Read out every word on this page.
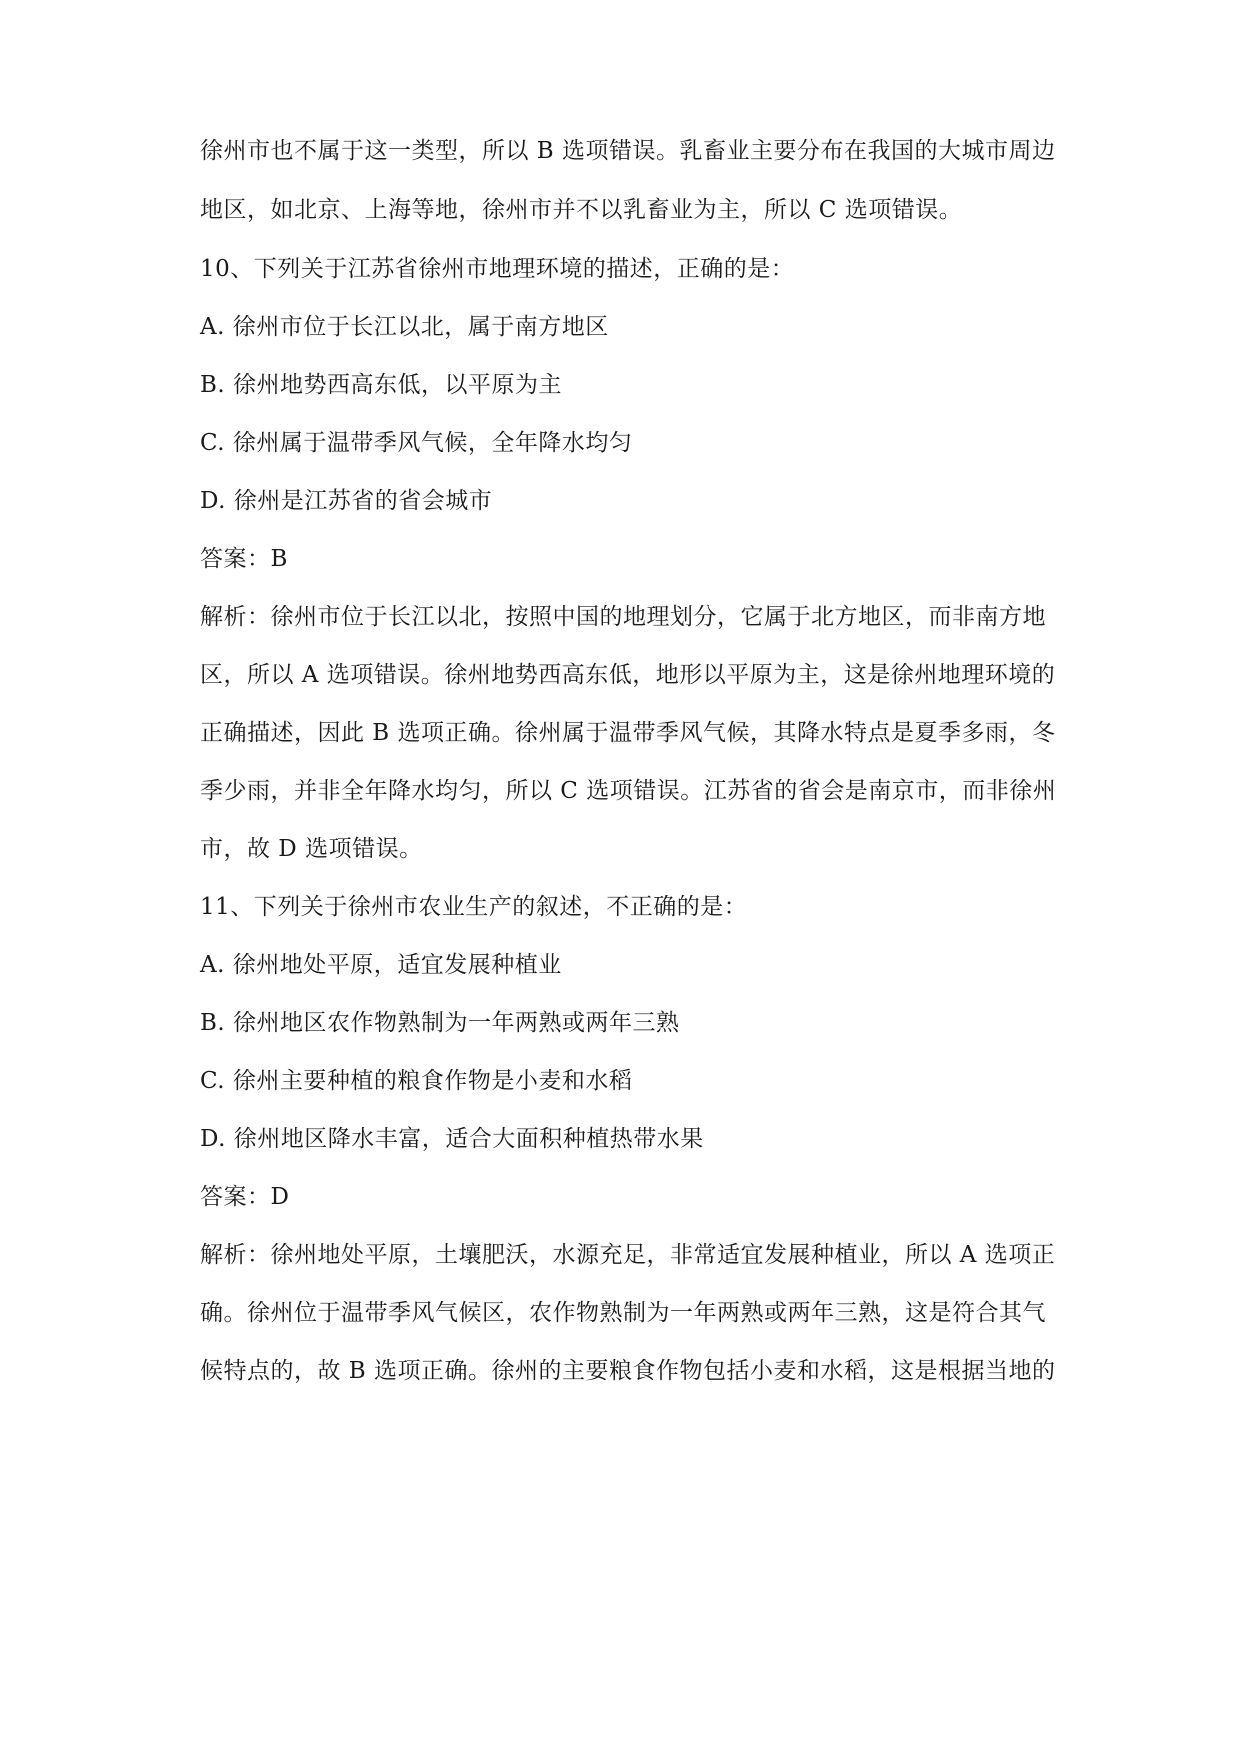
徐州市也不属于这一类型，所以 B 选项错误。乳畜业主要分布在我国的大城市周边
地区，如北京、上海等地，徐州市并不以乳畜业为主，所以 C 选项错误。
10、下列关于江苏省徐州市地理环境的描述，正确的是：
A. 徐州市位于长江以北，属于南方地区
B. 徐州地势西高东低，以平原为主
C. 徐州属于温带季风气候，全年降水均匀
D. 徐州是江苏省的省会城市
答案：B
解析：徐州市位于长江以北，按照中国的地理划分，它属于北方地区，而非南方地
区，所以 A 选项错误。徐州地势西高东低，地形以平原为主，这是徐州地理环境的
正确描述，因此 B 选项正确。徐州属于温带季风气候，其降水特点是夏季多雨，冬
季少雨，并非全年降水均匀，所以 C 选项错误。江苏省的省会是南京市，而非徐州
市，故 D 选项错误。
11、下列关于徐州市农业生产的叙述，不正确的是：
A. 徐州地处平原，适宜发展种植业
B. 徐州地区农作物熟制为一年两熟或两年三熟
C. 徐州主要种植的粮食作物是小麦和水稻
D. 徐州地区降水丰富，适合大面积种植热带水果
答案：D
解析：徐州地处平原，土壤肥沃，水源充足，非常适宜发展种植业，所以 A 选项正
确。徐州位于温带季风气候区，农作物熟制为一年两熟或两年三熟，这是符合其气
候特点的，故 B 选项正确。徐州的主要粮食作物包括小麦和水稻，这是根据当地的
